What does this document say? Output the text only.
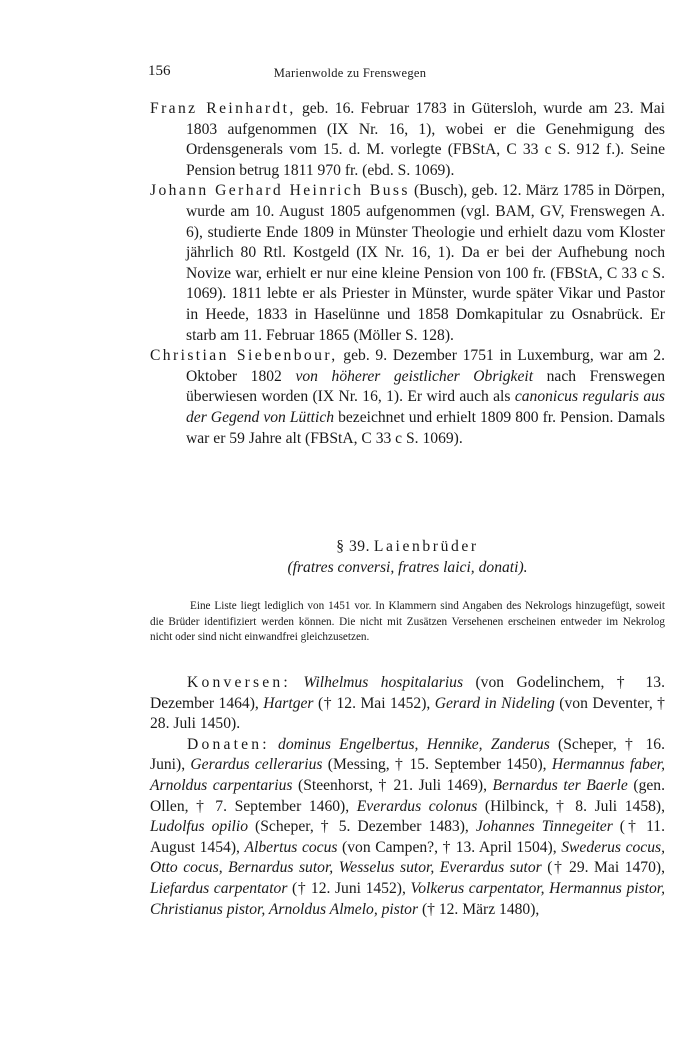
156	Marienwolde zu Frenswegen

Franz Reinhardt, geb. 16. Februar 1783 in Gütersloh, wurde am 23. Mai 1803 aufgenommen (IX Nr. 16, 1), wobei er die Genehmigung des Ordensgenerals vom 15. d. M. vorlegte (FBStA, C 33 c S. 912 f.). Seine Pension betrug 1811 970 fr. (ebd. S. 1069).

Johann Gerhard Heinrich Buss (Busch), geb. 12. März 1785 in Dörpen, wurde am 10. August 1805 aufgenommen (vgl. BAM, GV, Frenswegen A. 6), studierte Ende 1809 in Münster Theologie und erhielt dazu vom Kloster jährlich 80 Rtl. Kostgeld (IX Nr. 16, 1). Da er bei der Aufhebung noch Novize war, erhielt er nur eine kleine Pension von 100 fr. (FBStA, C 33 c S. 1069). 1811 lebte er als Priester in Münster, wurde später Vikar und Pastor in Heede, 1833 in Haselünne und 1858 Domkapitular zu Osnabrück. Er starb am 11. Februar 1865 (Möller S. 128).

Christian Siebenbour, geb. 9. Dezember 1751 in Luxemburg, war am 2. Oktober 1802 von höherer geistlicher Obrigkeit nach Frenswegen überwiesen worden (IX Nr. 16, 1). Er wird auch als canonicus regularis aus der Gegend von Lüttich bezeichnet und erhielt 1809 800 fr. Pension. Damals war er 59 Jahre alt (FBStA, C 33 c S. 1069).

§ 39. Laienbrüder
(fratres conversi, fratres laici, donati).

Eine Liste liegt lediglich von 1451 vor. In Klammern sind Angaben des Nekrologs hinzugefügt, soweit die Brüder identifiziert werden können. Die nicht mit Zusätzen Versehenen erscheinen entweder im Nekrolog nicht oder sind nicht einwandfrei gleichzusetzen.

Konversen: Wilhelmus hospitalarius (von Godelinchem, † 13. Dezember 1464), Hartger († 12. Mai 1452), Gerard in Nideling (von Deventer, † 28. Juli 1450).

Donaten: dominus Engelbertus, Hennike, Zanderus (Scheper, † 16. Juni), Gerardus cellerarius (Messing, † 15. September 1450), Hermannus faber, Arnoldus carpentarius (Steenhorst, † 21. Juli 1469), Bernardus ter Baerle (gen. Ollen, † 7. September 1460), Everardus colonus (Hilbinck, † 8. Juli 1458), Ludolfus opilio (Scheper, † 5. Dezember 1483), Johannes Tinnegeiter († 11. August 1454), Albertus cocus (von Campen?, † 13. April 1504), Swederus cocus, Otto cocus, Bernardus sutor, Wesselus sutor, Everardus sutor († 29. Mai 1470), Liefardus carpentator († 12. Juni 1452), Volkerus carpentator, Hermannus pistor, Christianus pistor, Arnoldus Almelo, pistor († 12. März 1480),
